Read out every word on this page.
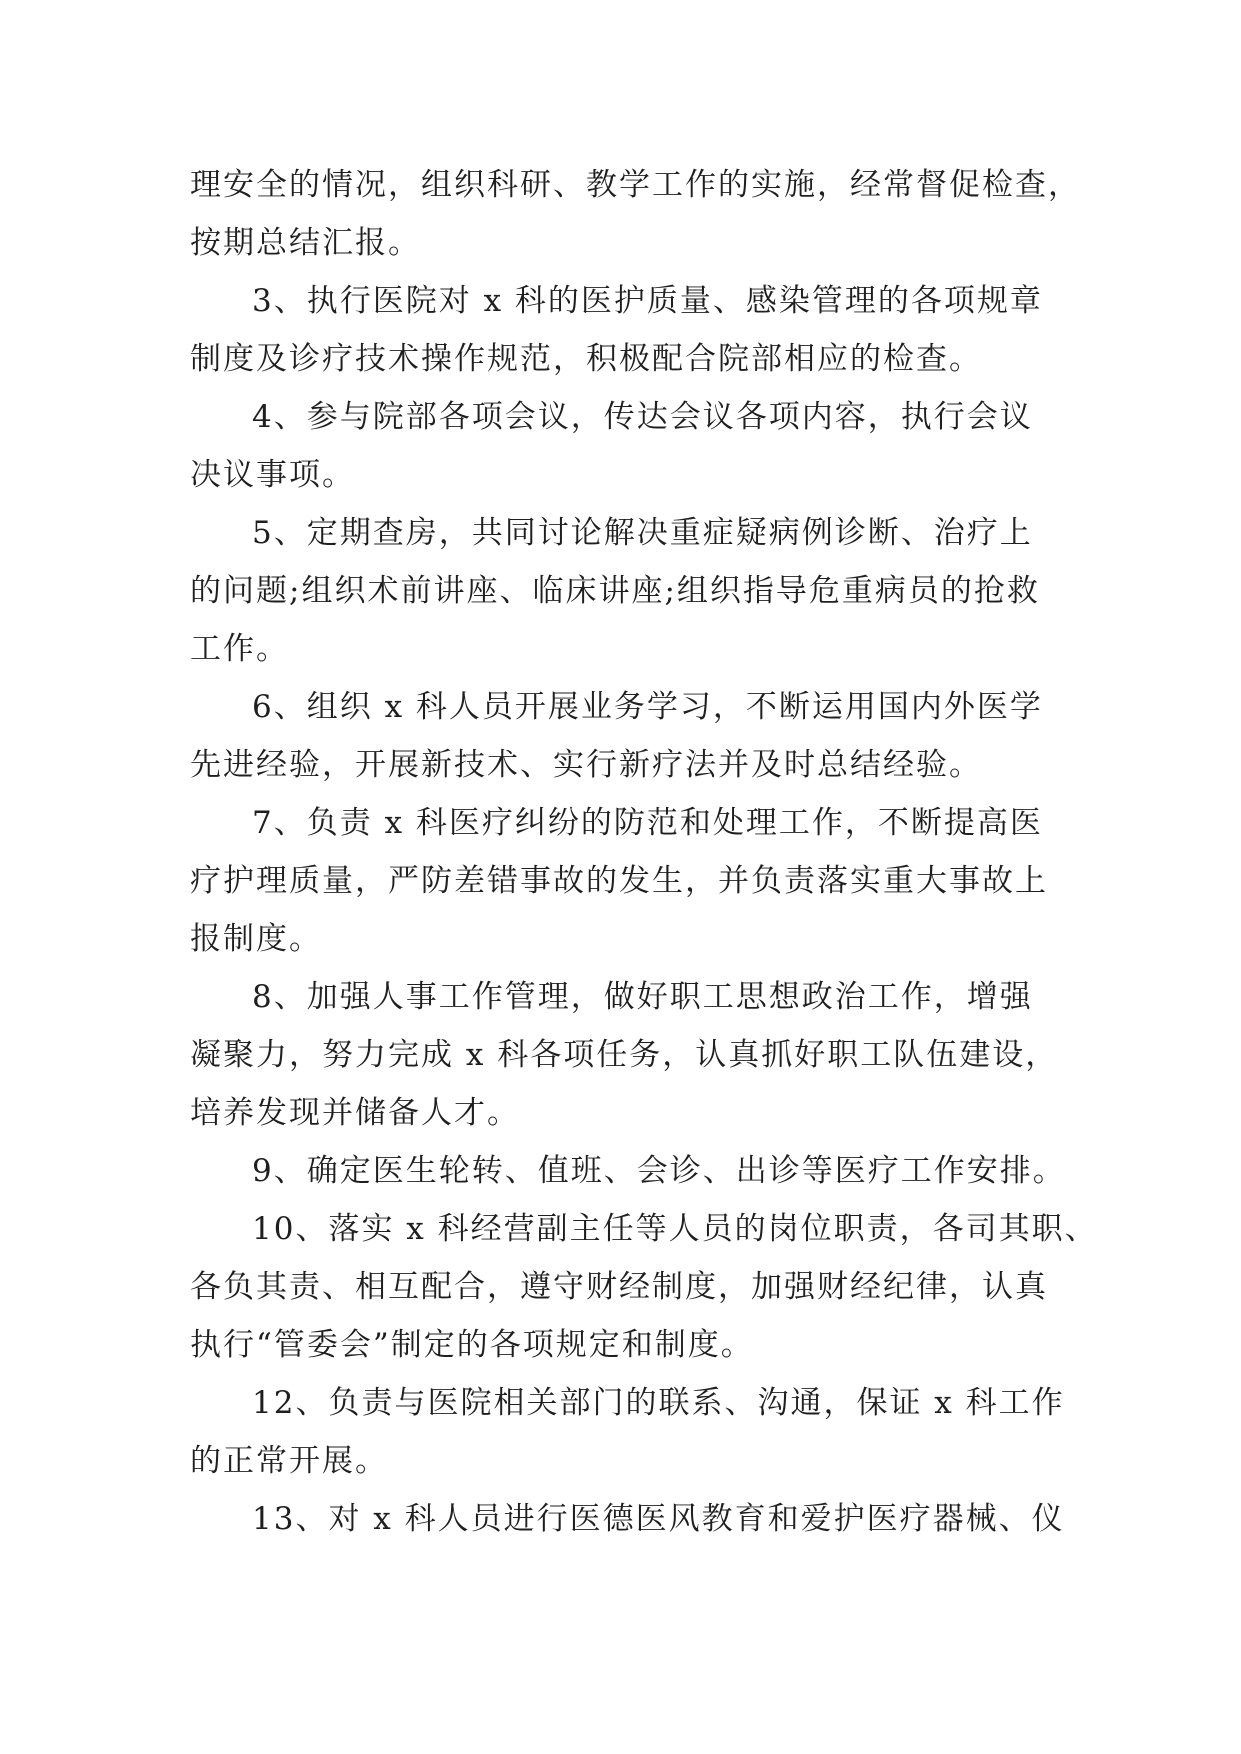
理安全的情况，组织科研、教学工作的实施，经常督促检查，
按期总结汇报。
3、执行医院对 x 科的医护质量、感染管理的各项规章
制度及诊疗技术操作规范，积极配合院部相应的检查。
4、参与院部各项会议，传达会议各项内容，执行会议
决议事项。
5、定期查房，共同讨论解决重症疑病例诊断、治疗上
的问题;组织术前讲座、临床讲座;组织指导危重病员的抢救
工作。
6、组织 x 科人员开展业务学习，不断运用国内外医学
先进经验，开展新技术、实行新疗法并及时总结经验。
7、负责 x 科医疗纠纷的防范和处理工作，不断提高医
疗护理质量，严防差错事故的发生，并负责落实重大事故上
报制度。
8、加强人事工作管理，做好职工思想政治工作，增强
凝聚力，努力完成 x 科各项任务，认真抓好职工队伍建设，
培养发现并储备人才。
9、确定医生轮转、值班、会诊、出诊等医疗工作安排。
10、落实 x 科经营副主任等人员的岗位职责，各司其职、
各负其责、相互配合，遵守财经制度，加强财经纪律，认真
执行“管委会”制定的各项规定和制度。
12、负责与医院相关部门的联系、沟通，保证 x 科工作
的正常开展。
13、对 x 科人员进行医德医风教育和爱护医疗器械、仪
